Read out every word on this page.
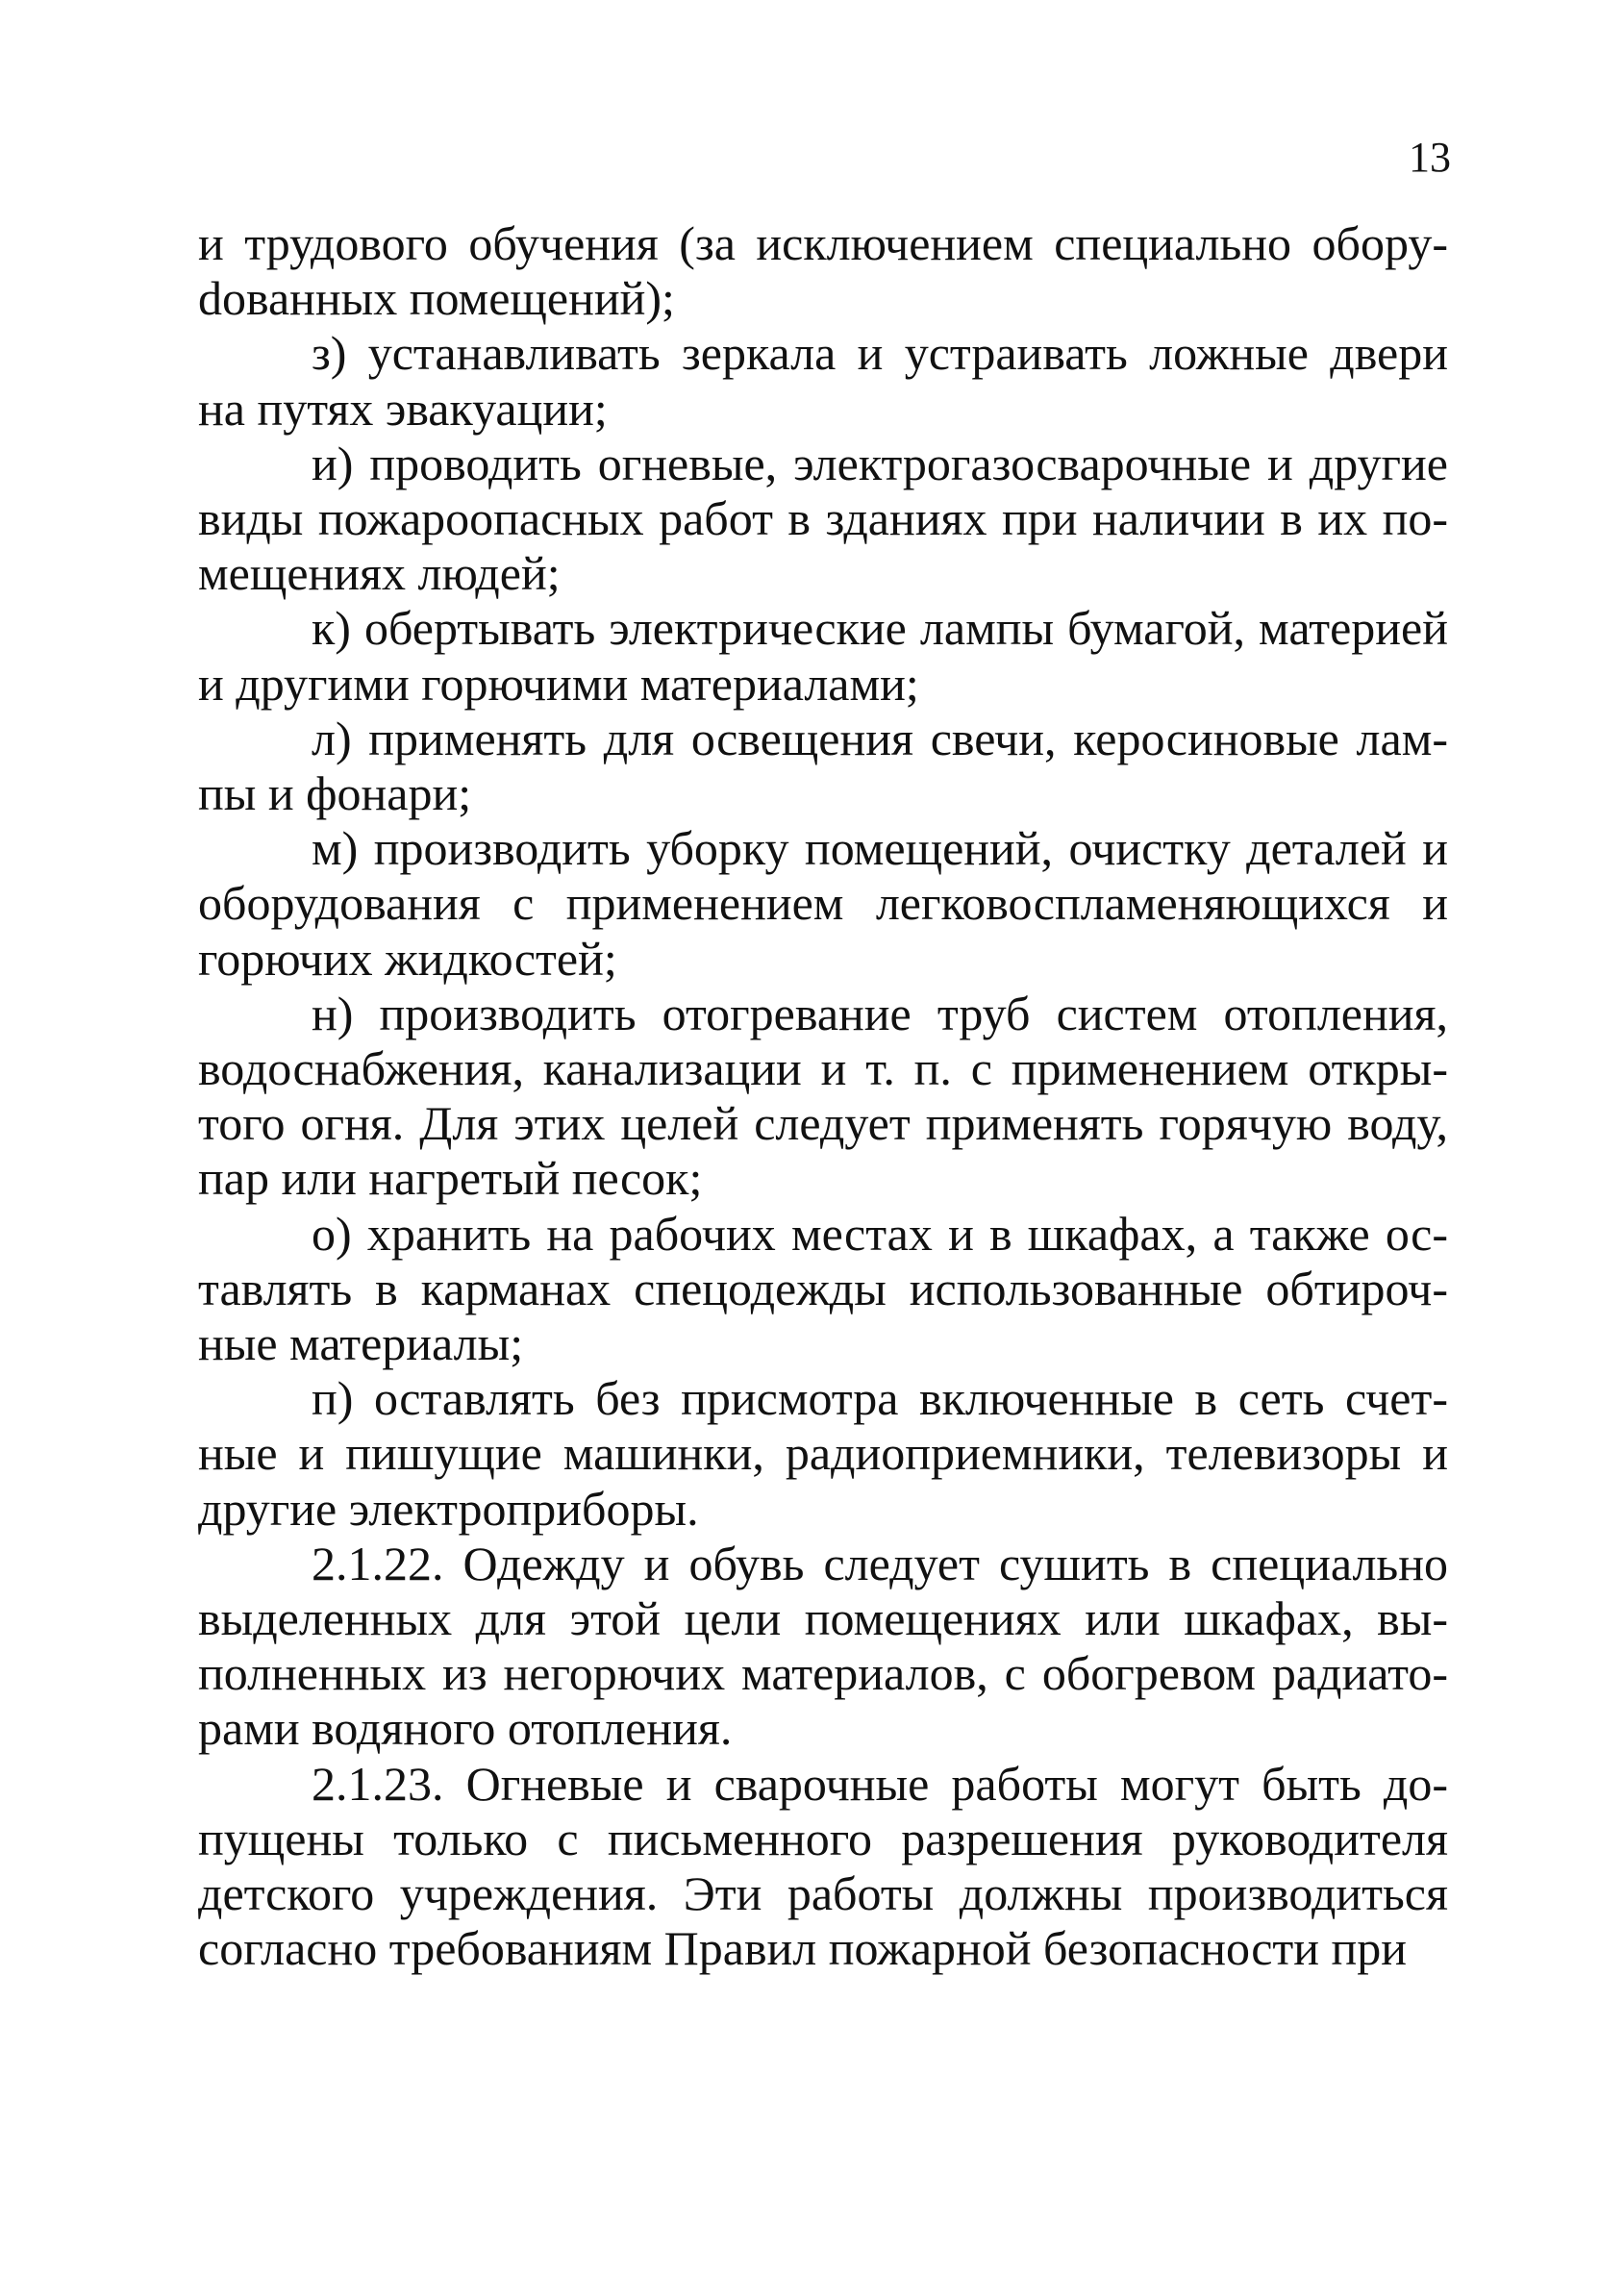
13

и трудового обучения (за исключением специально оборуdованных помещений);

з) устанавливать зеркала и устраивать ложные двери на путях эвакуации;

и) проводить огневые, электрогазосварочные и другие виды пожароопасных работ в зданиях при наличии в их помещениях людей;

к) обертывать электрические лампы бумагой, материей и другими горючими материалами;

л) применять для освещения свечи, керосиновые лампы и фонари;

м) производить уборку помещений, очистку деталей и оборудования с применением легковоспламеняющихся и горючих жидкостей;

н) производить отогревание труб систем отопления, водоснабжения, канализации и т. п. с применением открытого огня. Для этих целей следует применять горячую воду, пар или нагретый песок;

о) хранить на рабочих местах и в шкафах, а также оставлять в карманах спецодежды использованные обтирочные материалы;

п) оставлять без присмотра включенные в сеть счетные и пишущие машинки, радиоприемники, телевизоры и другие электроприборы.

2.1.22. Одежду и обувь следует сушить в специально выделенных для этой цели помещениях или шкафах, выполненных из негорючих материалов, с обогревом радиаторами водяного отопления.

2.1.23. Огневые и сварочные работы могут быть допущены только с письменного разрешения руководителя детского учреждения. Эти работы должны производиться согласно требованиям Правил пожарной безопасности при
